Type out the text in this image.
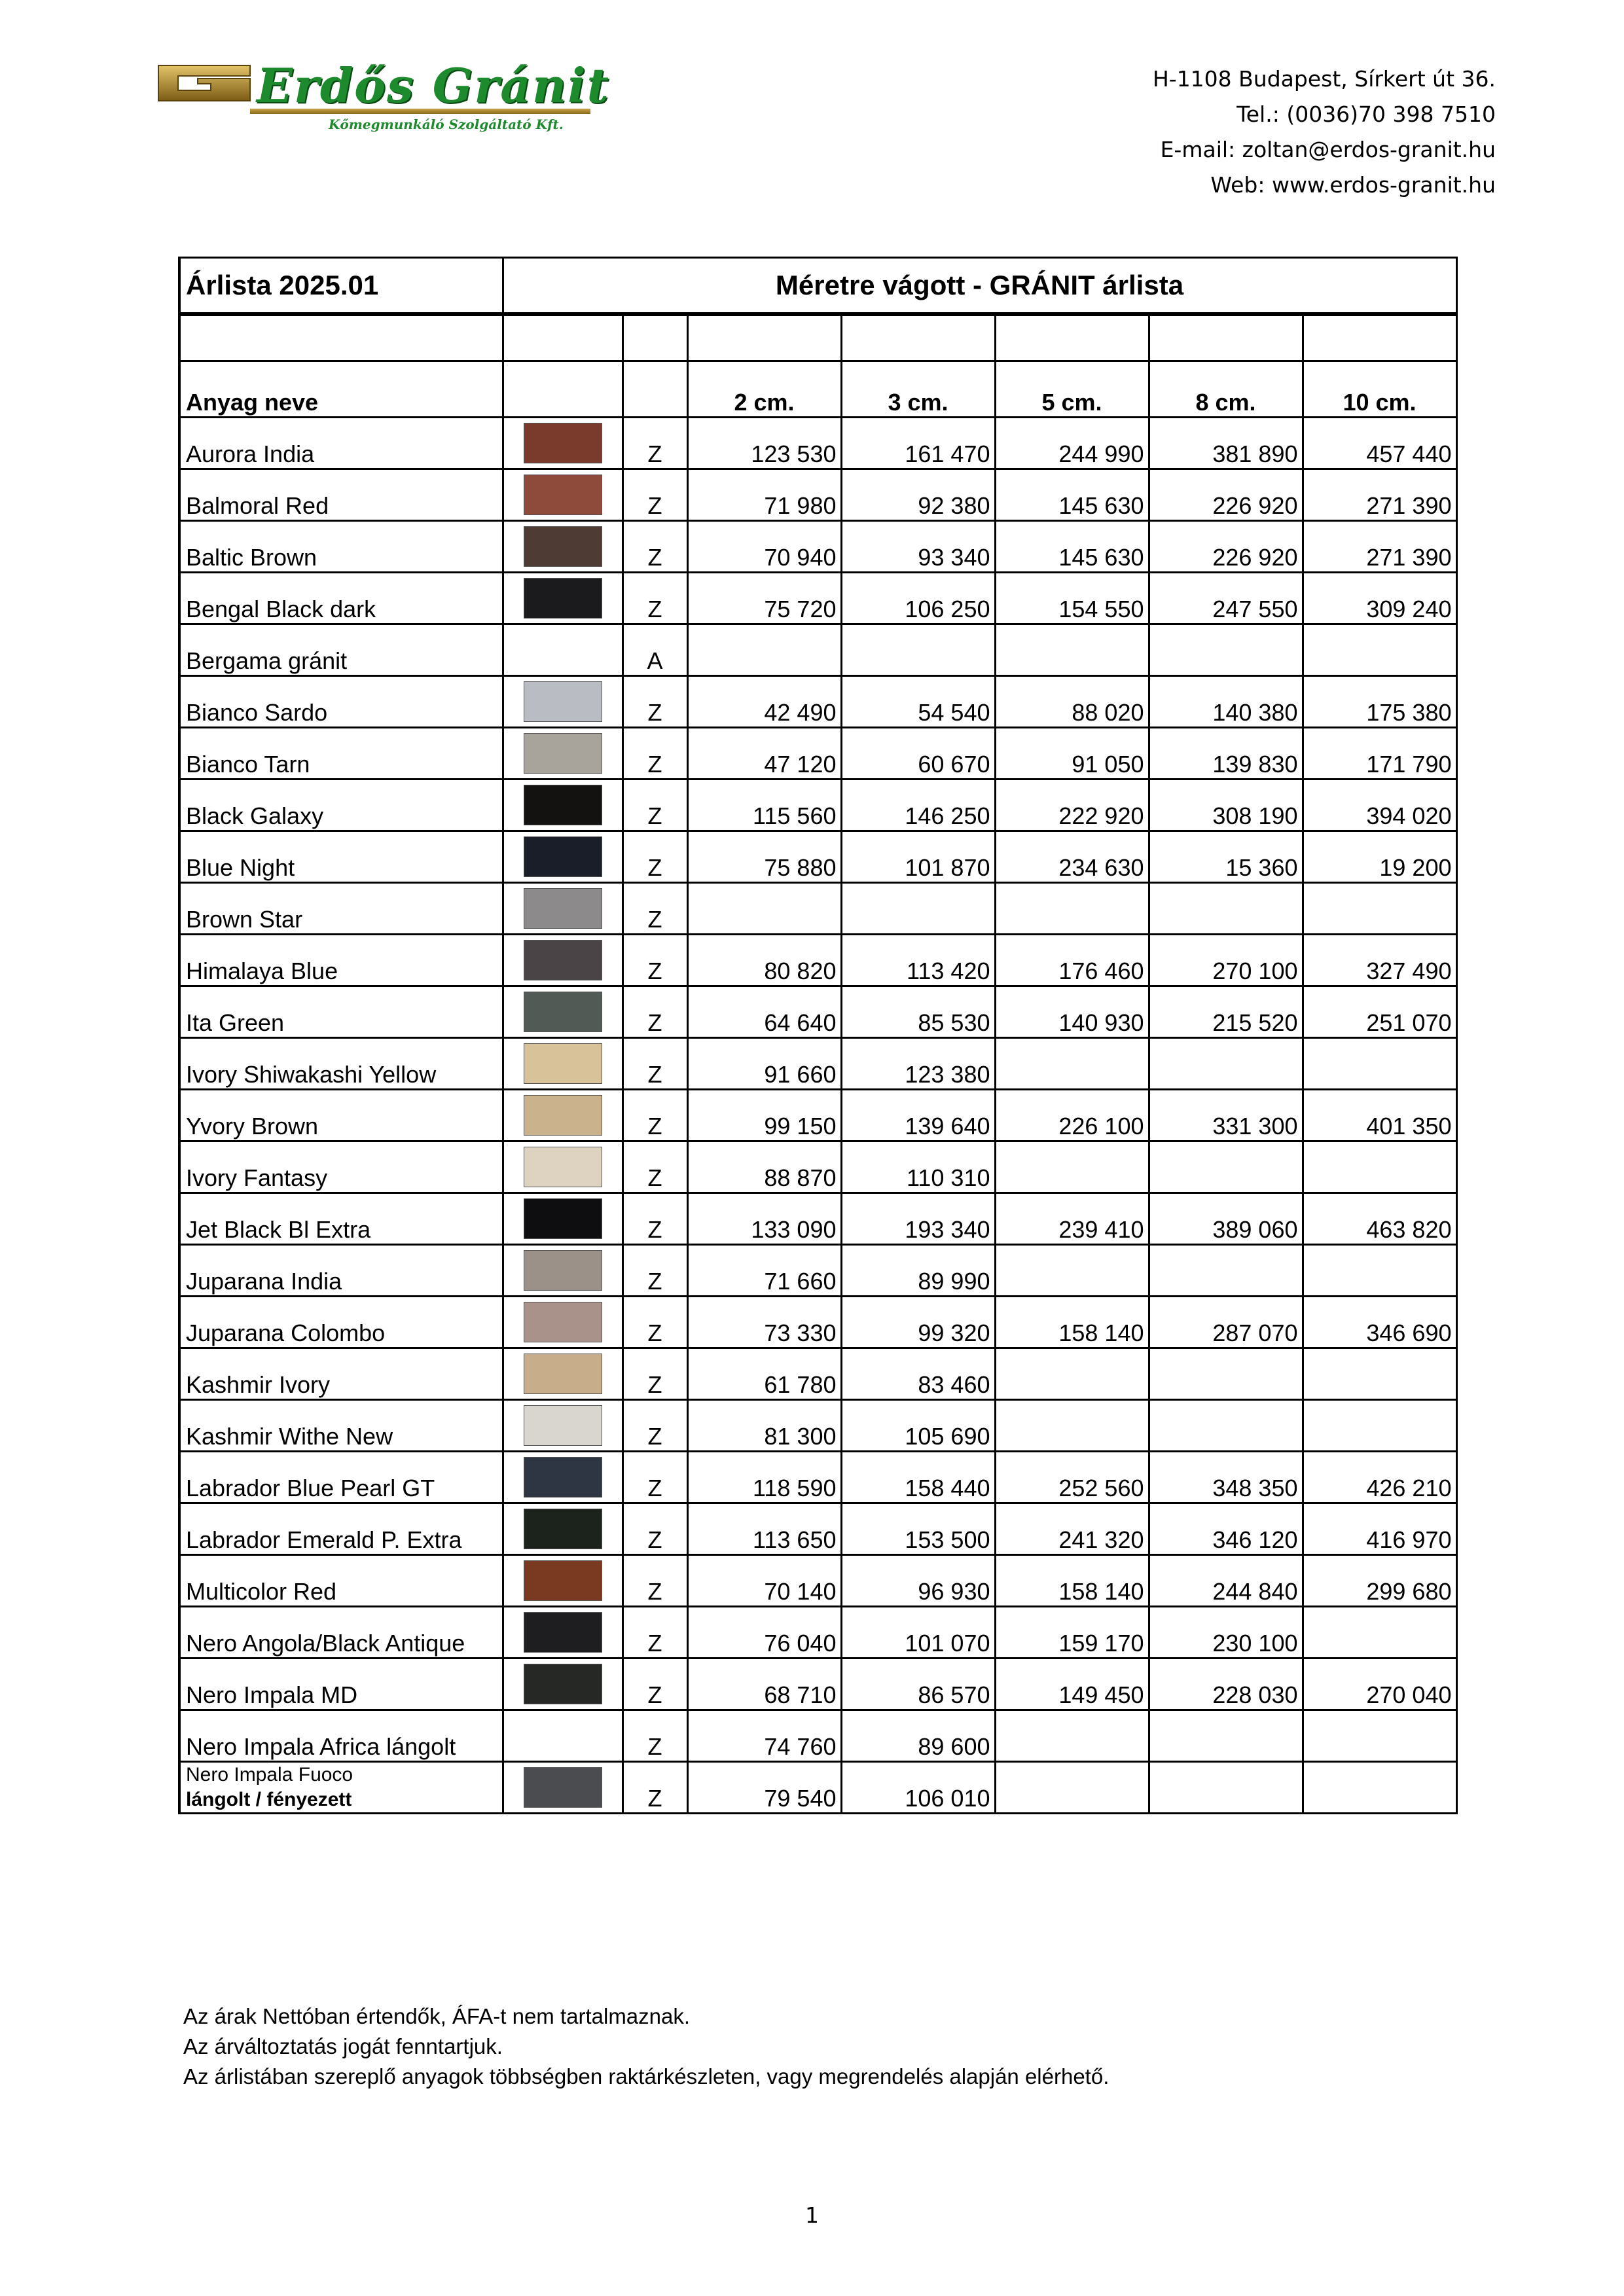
Erdős Gránit
Kőmegmunkáló Szolgáltató Kft.
H-1108 Budapest, Sírkert út 36.
Tel.: (0036)70 398 7510
E-mail: zoltan@erdos-granit.hu
Web: www.erdos-granit.hu
Árlista 2025.01	Méretre vágott - GRÁNIT árlista						

Anyag neve			2 cm.	3 cm.	5 cm.	8 cm.	10 cm.
Aurora India		Z	123 530	161 470	244 990	381 890	457 440
Balmoral Red		Z	71 980	92 380	145 630	226 920	271 390
Baltic Brown		Z	70 940	93 340	145 630	226 920	271 390
Bengal Black dark		Z	75 720	106 250	154 550	247 550	309 240
Bergama gránit		A					
Bianco Sardo		Z	42 490	54 540	88 020	140 380	175 380
Bianco Tarn		Z	47 120	60 670	91 050	139 830	171 790
Black Galaxy		Z	115 560	146 250	222 920	308 190	394 020
Blue Night		Z	75 880	101 870	234 630	15 360	19 200
Brown Star		Z					
Himalaya Blue		Z	80 820	113 420	176 460	270 100	327 490
Ita Green		Z	64 640	85 530	140 930	215 520	251 070
Ivory Shiwakashi Yellow		Z	91 660	123 380			
Yvory Brown		Z	99 150	139 640	226 100	331 300	401 350
Ivory Fantasy		Z	88 870	110 310			
Jet Black Bl Extra		Z	133 090	193 340	239 410	389 060	463 820
Juparana India		Z	71 660	89 990			
Juparana Colombo		Z	73 330	99 320	158 140	287 070	346 690
Kashmir Ivory		Z	61 780	83 460			
Kashmir Withe New		Z	81 300	105 690			
Labrador Blue Pearl GT		Z	118 590	158 440	252 560	348 350	426 210
Labrador Emerald P. Extra		Z	113 650	153 500	241 320	346 120	416 970
Multicolor Red		Z	70 140	96 930	158 140	244 840	299 680
Nero Angola/Black Antique		Z	76 040	101 070	159 170	230 100	
Nero Impala MD		Z	68 710	86 570	149 450	228 030	270 040
Nero Impala Africa lángolt		Z	74 760	89 600			

Nero Impala Fuoco
lángolt / fényezett		Z	79 540	106 010			
Az árak Nettóban értendők, ÁFA-t nem tartalmaznak.
Az árváltoztatás jogát fenntartjuk.
Az árlistában szereplő anyagok többségben raktárkészleten, vagy megrendelés alapján elérhető.
1
